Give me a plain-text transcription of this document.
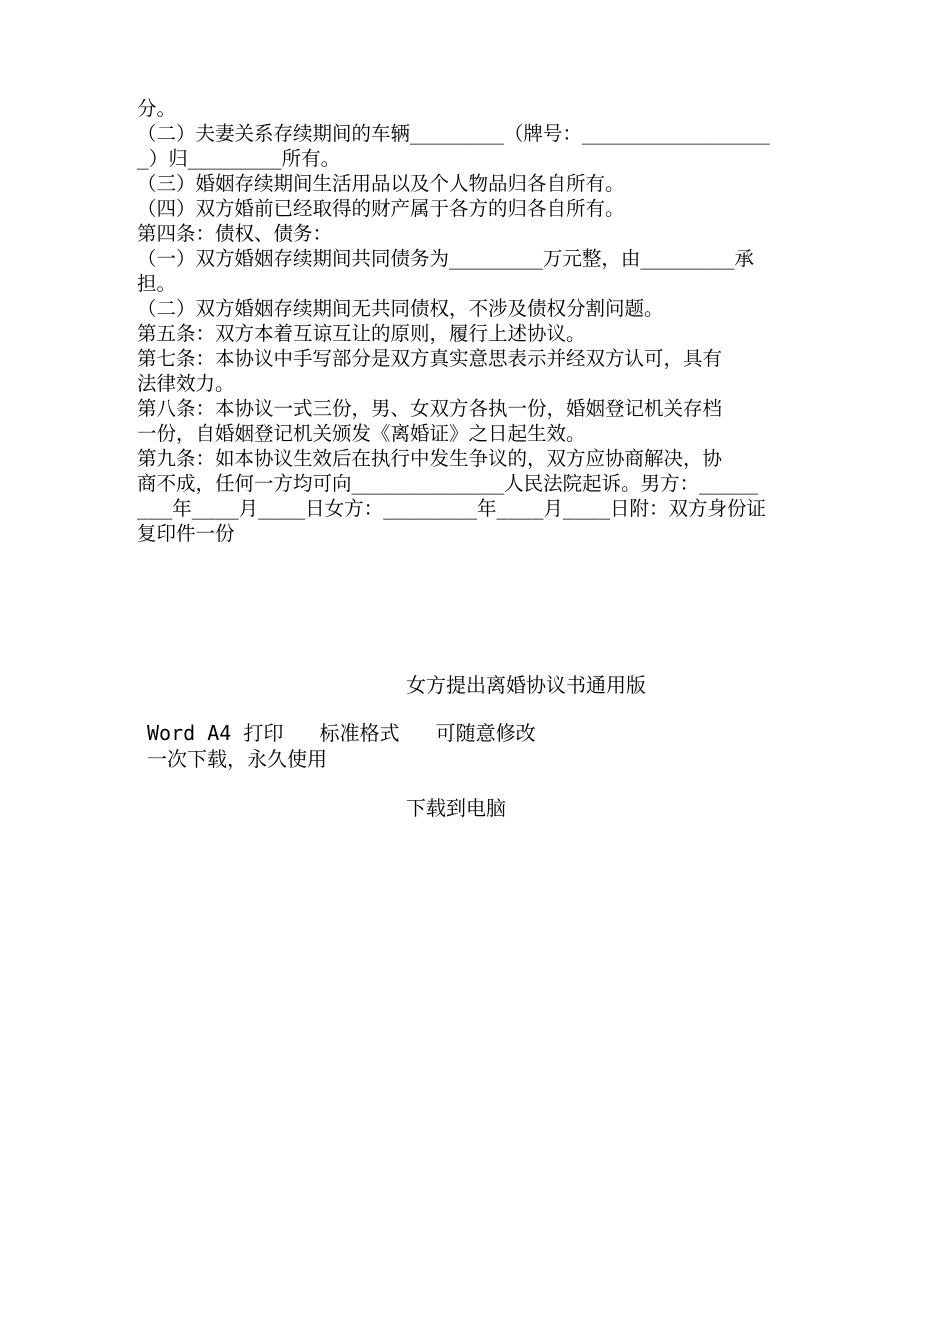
分。
（二）夫妻关系存续期间的车辆________（牌号：________________
_）归________所有。
（三）婚姻存续期间生活用品以及个人物品归各自所有。
（四）双方婚前已经取得的财产属于各方的归各自所有。
第四条：债权、债务：
（一）双方婚姻存续期间共同债务为________万元整，由________承
担。
（二）双方婚姻存续期间无共同债权，不涉及债权分割问题。
第五条：双方本着互谅互让的原则，履行上述协议。
第七条：本协议中手写部分是双方真实意思表示并经双方认可，具有
法律效力。
第八条：本协议一式三份，男、女双方各执一份，婚姻登记机关存档
一份，自婚姻登记机关颁发《离婚证》之日起生效。
第九条：如本协议生效后在执行中发生争议的，双方应协商解决，协
商不成，任何一方均可向_____________人民法院起诉。男方：_____
___年____月____日女方：________年____月____日附：双方身份证
复印件一份
女方提出离婚协议书通用版
Word A4 打印   标准格式   可随意修改
一次下载，永久使用
下载到电脑
